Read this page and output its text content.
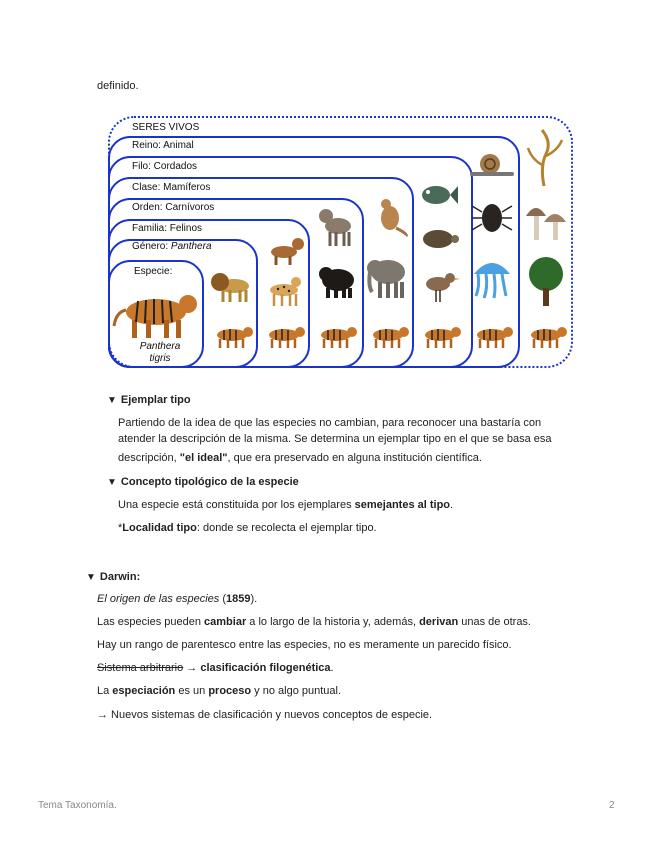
definido.
SERES VIVOS
Reino: Animal
Filo: Cordados
Clase: Mamíferos
Orden: Carnívoros
Familia: Felinos
Género: Panthera
Especie:
Panthera
tigris
▼ Ejemplar tipo
Partiendo de la idea de que las especies no cambian, para reconocer una bastaría con
atender la descripción de la misma. Se determina un ejemplar tipo en el que se basa esa
descripción, "el ideal", que era preservado en alguna institución científica.
▼ Concepto tipológico de la especie
Una especie está constituida por los ejemplares semejantes al tipo.
*Localidad tipo: donde se recolecta el ejemplar tipo.
▼ Darwin:
El origen de las especies (1859).
Las especies pueden cambiar a lo largo de la historia y, además, derivan unas de otras.
Hay un rango de parentesco entre las especies, no es meramente un parecido físico.
Sistema arbitrario → clasificación filogenética.
La especiación es un proceso y no algo puntual.
→ Nuevos sistemas de clasificación y nuevos conceptos de especie.
Tema Taxonomía.	2
